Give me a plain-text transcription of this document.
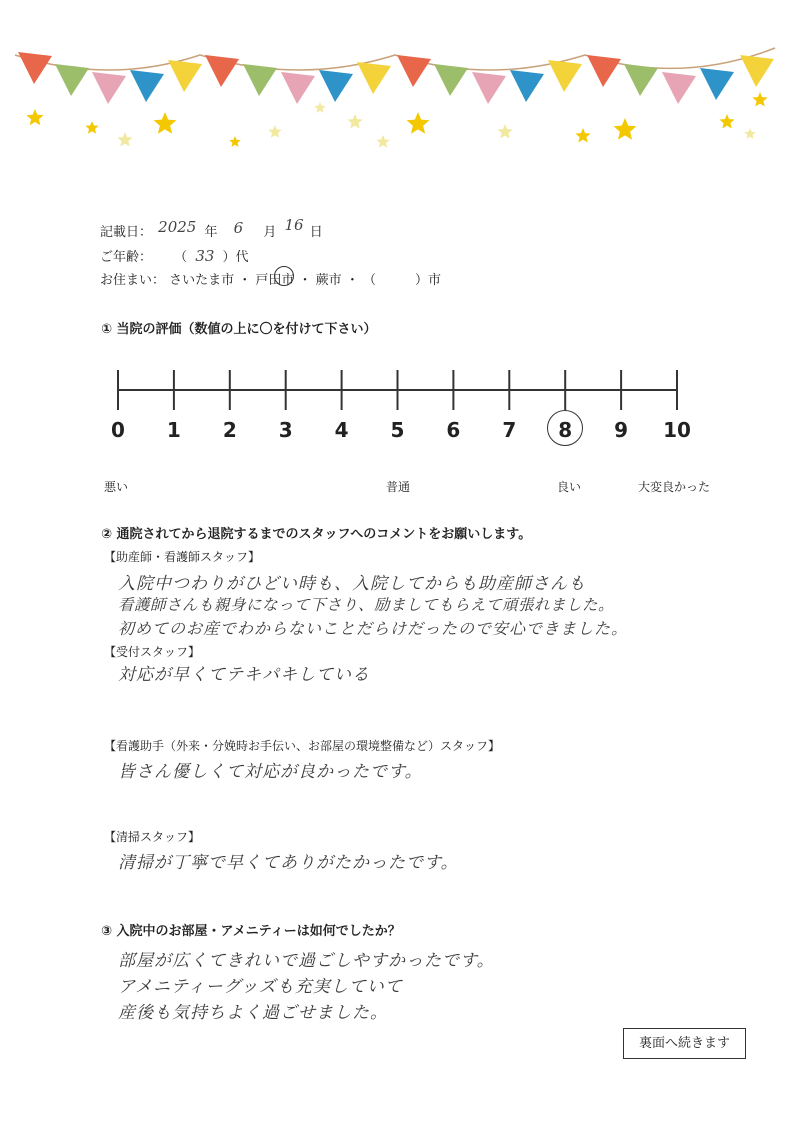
記載日： 2025 年 6 月 16 日
ご年齢： （ 33 ）代
お住まい： さいたま市 ・ 戸田市 ・ 蕨市 ・ （　　　）市
① 当院の評価（数値の上に〇を付けて下さい）
0	1	2	3	4	5	6	7	8	9	10
悪い	普通	良い	大変良かった
② 通院されてから退院するまでのスタッフへのコメントをお願いします。
【助産師・看護師スタッフ】
入院中つわりがひどい時も、入院してからも助産師さんも
看護師さんも親身になって下さり、励ましてもらえて頑張れました。
初めてのお産でわからないことだらけだったので安心できました。
【受付スタッフ】
対応が早くてテキパキしている
【看護助手（外来・分娩時お手伝い、お部屋の環境整備など）スタッフ】
皆さん優しくて対応が良かったです。
【清掃スタッフ】
清掃が丁寧で早くてありがたかったです。
③ 入院中のお部屋・アメニティーは如何でしたか？
部屋が広くてきれいで過ごしやすかったです。
アメニティーグッズも充実していて
産後も気持ちよく過ごせました。
裏面へ続きます
